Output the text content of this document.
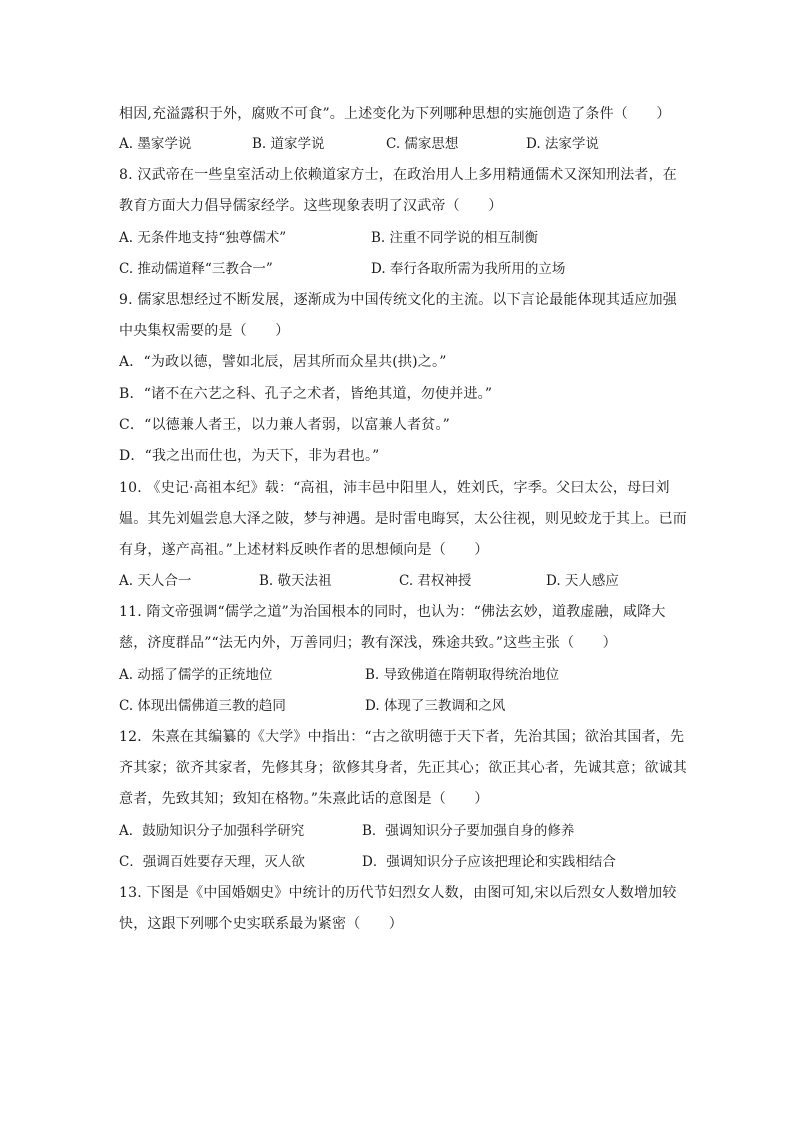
相因,充溢露积于外，腐败不可食”。上述变化为下列哪种思想的实施创造了条件（　　）
A. 墨家学说	B. 道家学说	C. 儒家思想	D. 法家学说
8. 汉武帝在一些皇室活动上依赖道家方士，在政治用人上多用精通儒术又深知刑法者，在
教育方面大力倡导儒家经学。这些现象表明了汉武帝（　　）
A. 无条件地支持“独尊儒术”	B. 注重不同学说的相互制衡
C. 推动儒道释“三教合一”	D. 奉行各取所需为我所用的立场
9. 儒家思想经过不断发展，逐渐成为中国传统文化的主流。以下言论最能体现其适应加强
中央集权需要的是（　　）
A．“为政以德，譬如北辰，居其所而众星共(拱)之。”
B．“诸不在六艺之科、孔子之术者，皆绝其道，勿使并进。”
C．“以德兼人者王，以力兼人者弱，以富兼人者贫。”
D．“我之出而仕也，为天下，非为君也。”
10. 《史记·高祖本纪》载：“高祖，沛丰邑中阳里人，姓刘氏，字季。父曰太公，母曰刘
媪。其先刘媪尝息大泽之陂，梦与神遇。是时雷电晦冥，太公往视，则见蛟龙于其上。已而
有身，遂产高祖。”上述材料反映作者的思想倾向是（　　）
A. 天人合一	B. 敬天法祖	C. 君权神授	D. 天人感应
11. 隋文帝强调“儒学之道”为治国根本的同时，也认为：“佛法玄妙，道教虚融，咸降大
慈，济度群品”“法无内外，万善同归；教有深浅，殊途共致。”这些主张（　　）
A. 动摇了儒学的正统地位	B. 导致佛道在隋朝取得统治地位
C. 体现出儒佛道三教的趋同	D. 体现了三教调和之风
12．朱熹在其编纂的《大学》中指出：“古之欲明德于天下者，先治其国；欲治其国者，先
齐其家；欲齐其家者，先修其身；欲修其身者，先正其心；欲正其心者，先诚其意；欲诚其
意者，先致其知；致知在格物。”朱熹此话的意图是（　　）
A．鼓励知识分子加强科学研究	B．强调知识分子要加强自身的修养
C．强调百姓要存天理，灭人欲	D．强调知识分子应该把理论和实践相结合
13. 下图是《中国婚姻史》中统计的历代节妇烈女人数，由图可知,宋以后烈女人数增加较
快，这跟下列哪个史实联系最为紧密（　　）
